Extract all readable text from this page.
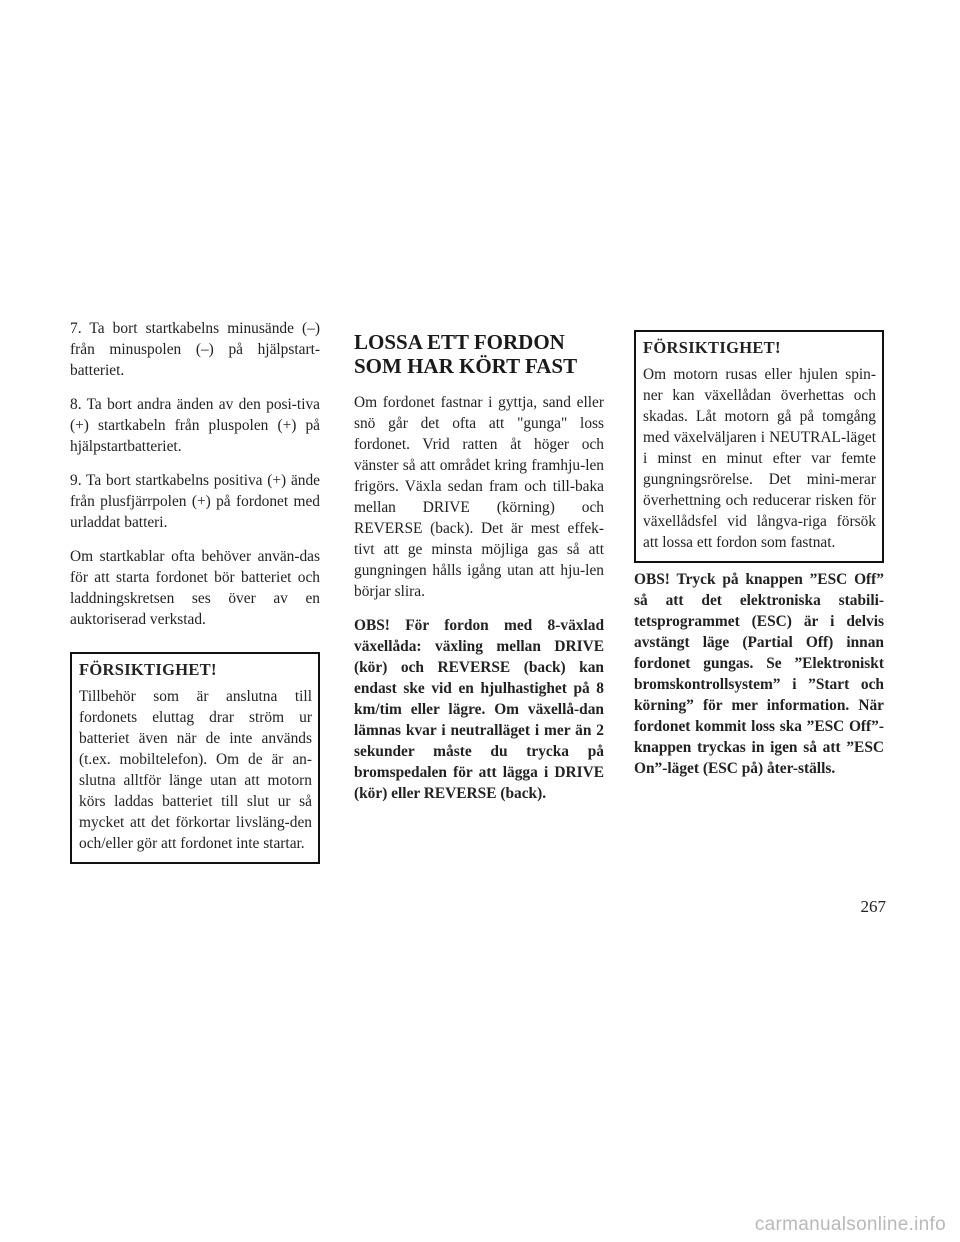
7. Ta bort startkabelns minusände (–) från minuspolen (–) på hjälpstart-batteriet.

8. Ta bort andra änden av den posi-tiva (+) startkabeln från pluspolen (+) på hjälpstartbatteriet.

9. Ta bort startkabelns positiva (+) ände från plusfjärrpolen (+) på fordonet med urladdat batteri.

Om startkablar ofta behöver använ-das för att starta fordonet bör batteriet och laddningskretsen ses över av en auktoriserad verkstad.

FÖRSIKTIGHET!

Tillbehör som är anslutna till fordonets eluttag drar ström ur batteriet även när de inte används (t.ex. mobiltelefon). Om de är an-slutna alltför länge utan att motorn körs laddas batteriet till slut ur så mycket att det förkortar livsläng-den och/eller gör att fordonet inte startar.

LOSSA ETT FORDON SOM HAR KÖRT FAST

Om fordonet fastnar i gyttja, sand eller snö går det ofta att "gunga" loss fordonet. Vrid ratten åt höger och vänster så att området kring framhju-len frigörs. Växla sedan fram och till-baka mellan DRIVE (körning) och REVERSE (back). Det är mest effek-tivt att ge minsta möjliga gas så att gungningen hålls igång utan att hju-len börjar slira.

OBS! För fordon med 8-växlad växellåda: växling mellan DRIVE (kör) och REVERSE (back) kan endast ske vid en hjulhastighet på 8 km/tim eller lägre. Om växellå-dan lämnas kvar i neutralläget i mer än 2 sekunder måste du trycka på bromspedalen för att lägga i DRIVE (kör) eller REVERSE (back).

FÖRSIKTIGHET!

Om motorn rusas eller hjulen spin-ner kan växellådan överhettas och skadas. Låt motorn gå på tomgång med växelväljaren i NEUTRAL-läget i minst en minut efter var femte gungningsrörelse. Det mini-merar överhettning och reducerar risken för växellådsfel vid långva-riga försök att lossa ett fordon som fastnat.

OBS! Tryck på knappen ”ESC Off” så att det elektroniska stabili-tetsprogrammet (ESC) är i delvis avstängt läge (Partial Off) innan fordonet gungas. Se ”Elektroniskt bromskontrollsystem” i ”Start och körning” för mer information. När fordonet kommit loss ska ”ESC Off”-knappen tryckas in igen så att ”ESC On”-läget (ESC på) åter-ställs.

267
carmanualsonline.info
